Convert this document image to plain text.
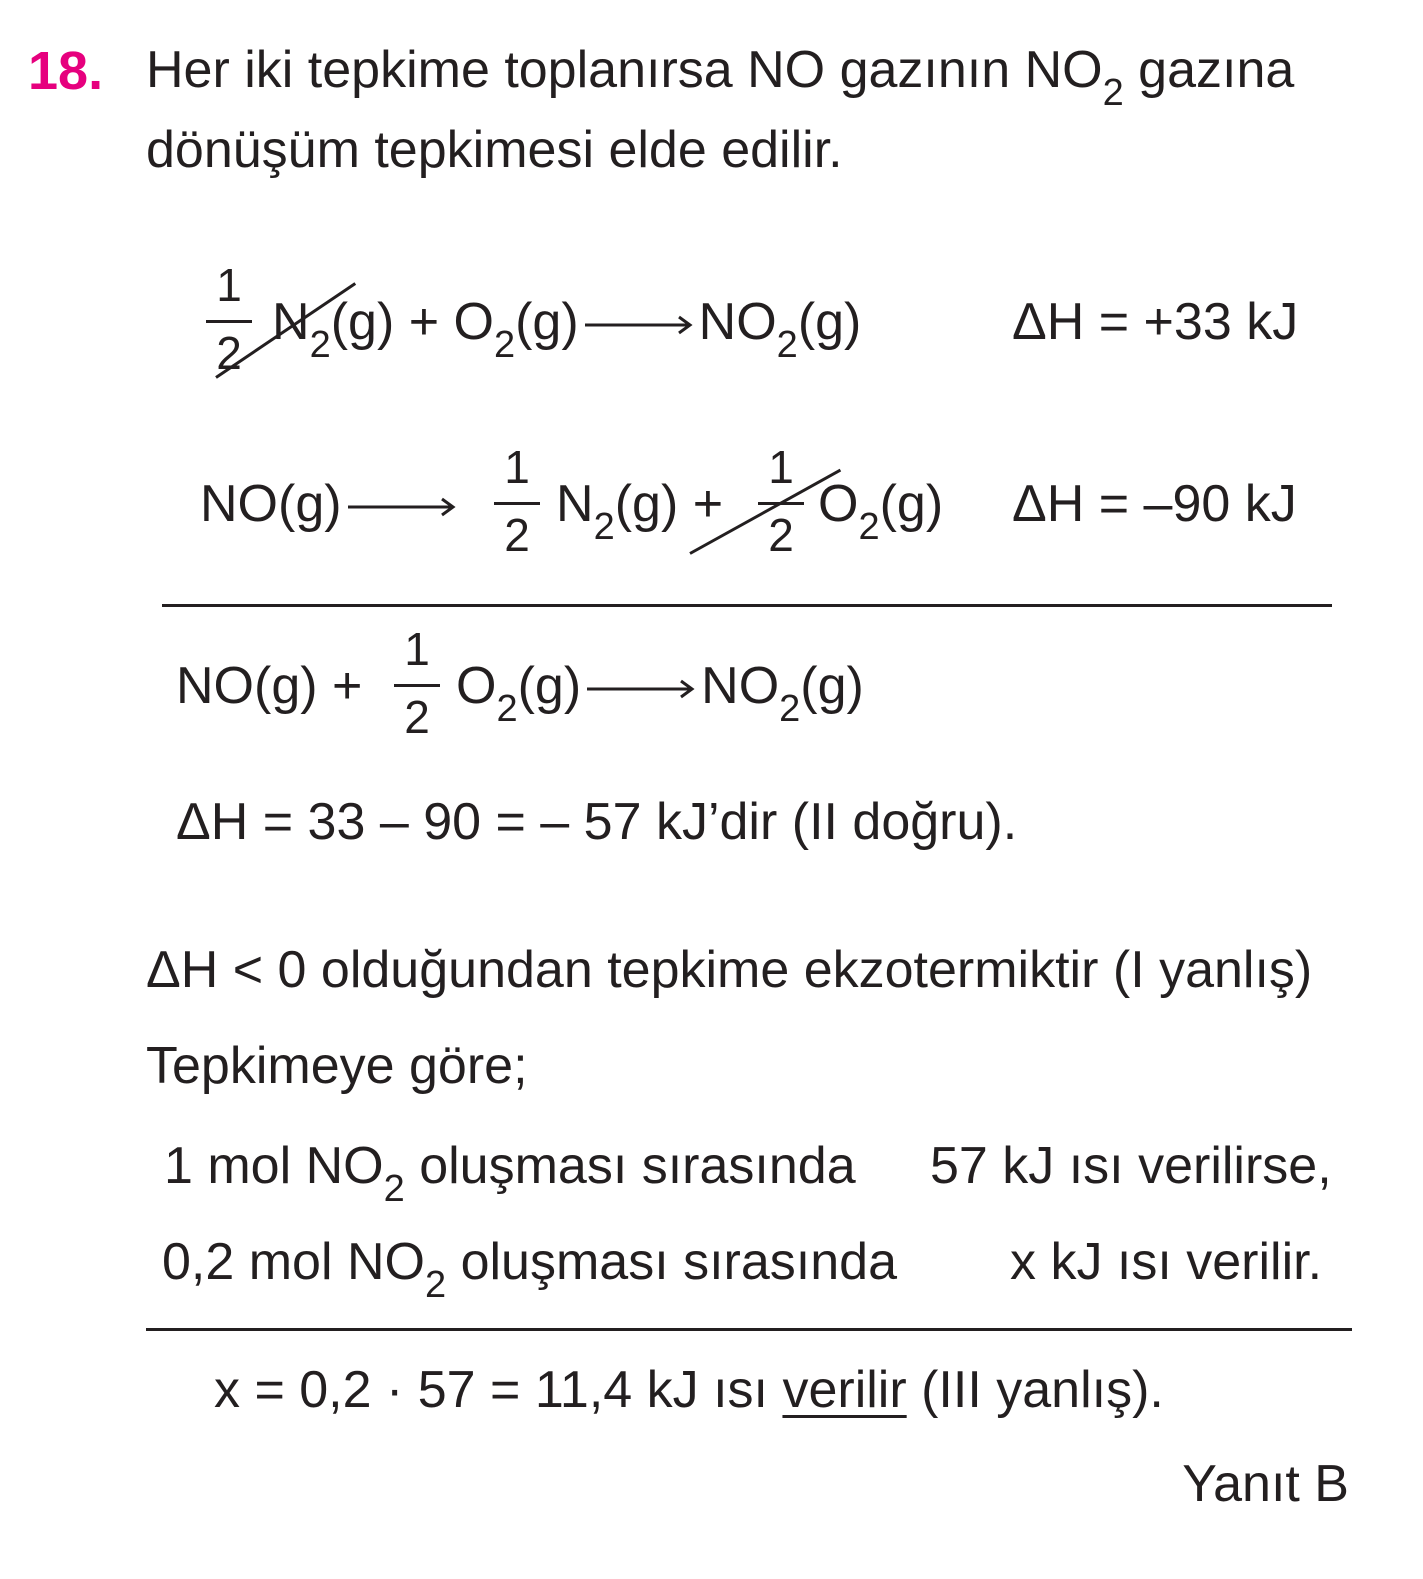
18. Her iki tepkime toplanırsa NO gazının $NO_2$ gazına
dönüşüm tepkimesi elde edilir.
1
2
$N_2(g) + O_2(g)$ $NO_2(g)$	ΔH = +33 kJ
NO(g)
1
2
$N_2(g)$ +
1
2
$O_2(g) \Delta H = -90$ kJ
NO(g) +
1
2
$O_2(g)$ $NO_2(g)$
ΔH = 33 – 90 = – 57 kJ’dir (II doğru).
ΔH < 0 olduğundan tepkime ekzotermiktir (I yanlış)
Tepkimeye göre;
1 mol $NO_2$ oluşması sırasında 57 kJ ısı verilirse,
0,2 mol $NO_2$ oluşması sırasında x kJ ısı verilir.
x = 0,2 · 57 = 11,4 kJ ısı verilir (III yanlış).
Yanıt B
